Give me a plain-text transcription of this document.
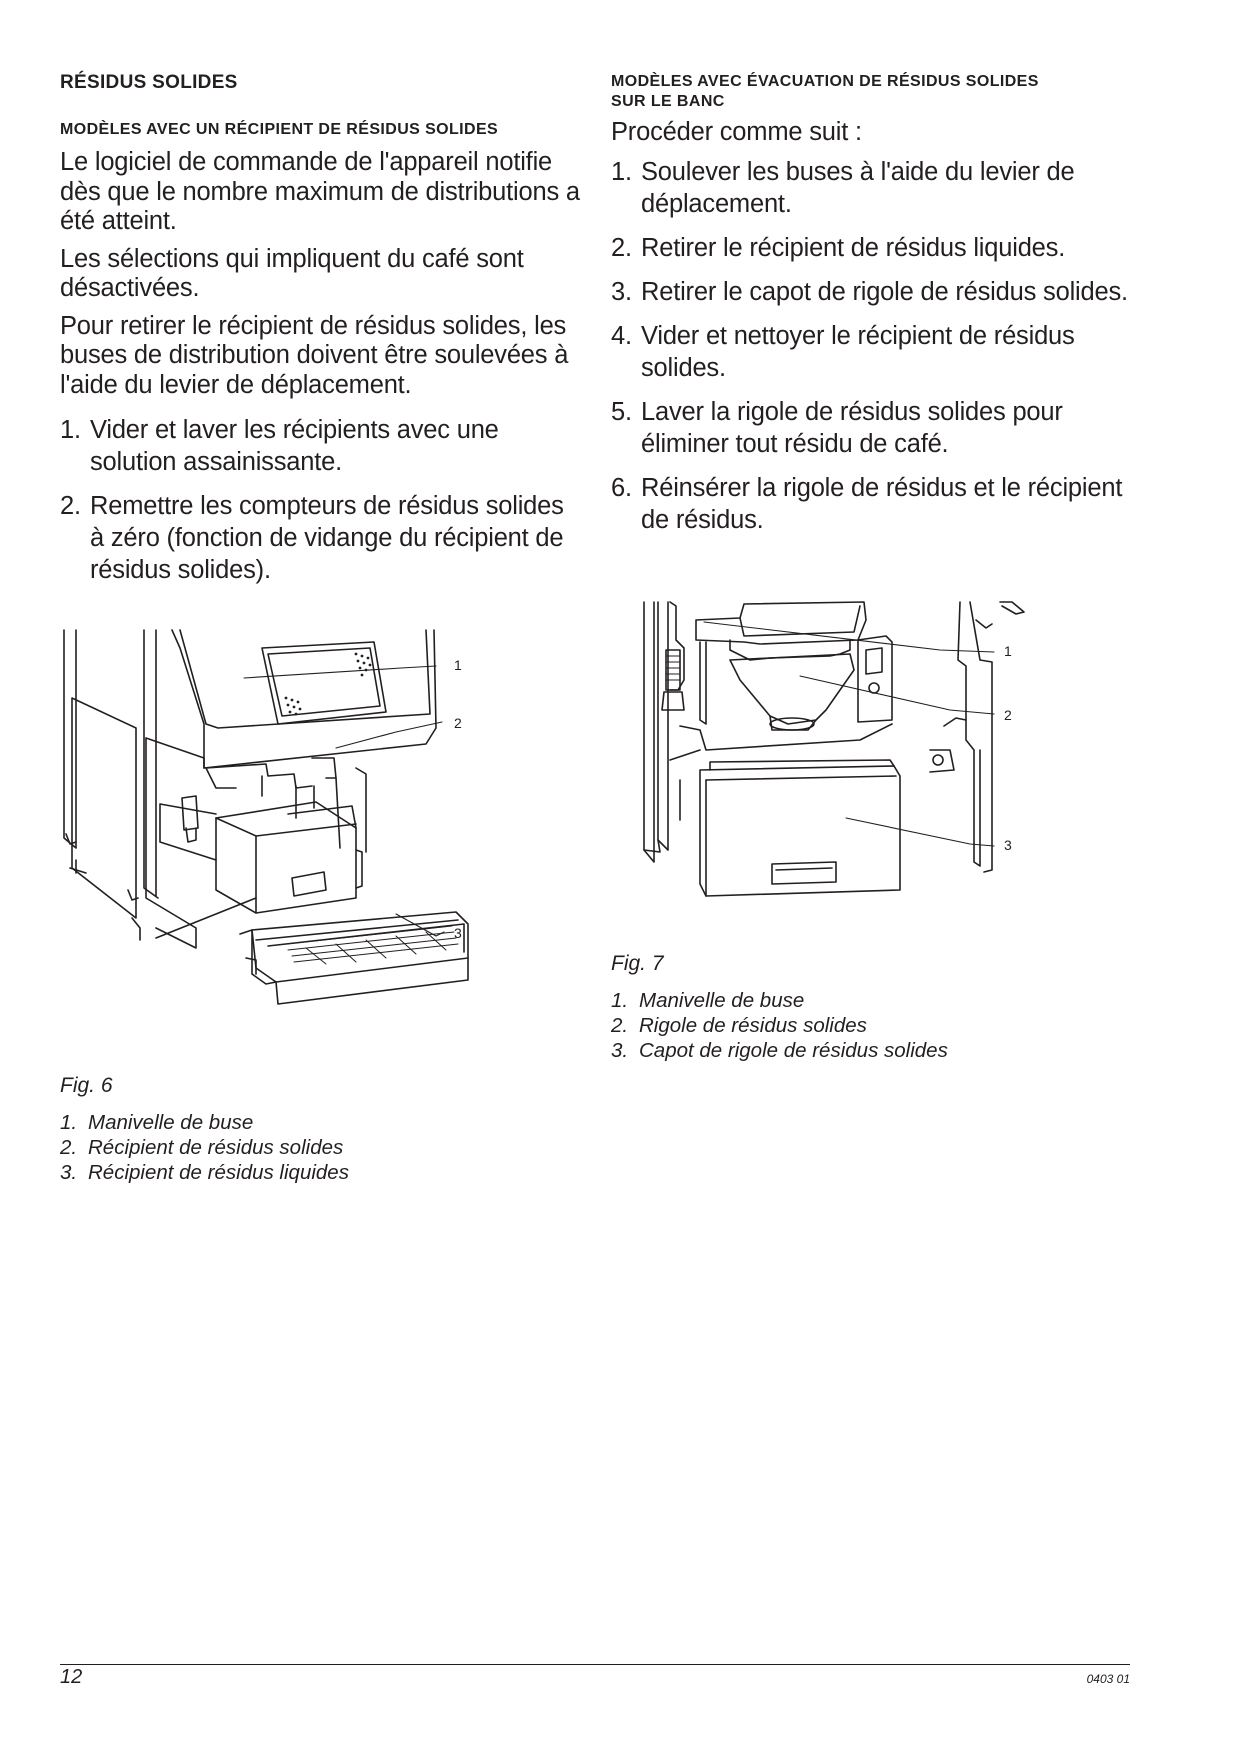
RÉSIDUS SOLIDES
MODÈLES AVEC UN RÉCIPIENT DE RÉSIDUS SOLIDES

Le logiciel de commande de l'appareil notifie dès que le nombre maximum de distributions a été atteint.

Les sélections qui impliquent du café sont désactivées.

Pour retirer le récipient de résidus solides, les buses de distribution doivent être soulevées à l'aide du levier de déplacement.

1. Vider et laver les récipients avec une solution assainissante.
2. Remettre les compteurs de résidus solides à zéro (fonction de vidange du récipient de résidus solides).
1
2
3
Fig. 6
1. Manivelle de buse
2. Récipient de résidus solides
3. Récipient de résidus liquides
MODÈLES AVEC ÉVACUATION DE RÉSIDUS SOLIDES
SUR LE BANC

Procéder comme suit :

1. Soulever les buses à l'aide du levier de déplacement.
2. Retirer le récipient de résidus liquides.
3. Retirer le capot de rigole de résidus solides.
4. Vider et nettoyer le récipient de résidus solides.
5. Laver la rigole de résidus solides pour éliminer tout résidu de café.
6. Réinsérer la rigole de résidus et le récipient de résidus.
1
2
3
Fig. 7
1. Manivelle de buse
2. Rigole de résidus solides
3. Capot de rigole de résidus solides
12	0403 01
